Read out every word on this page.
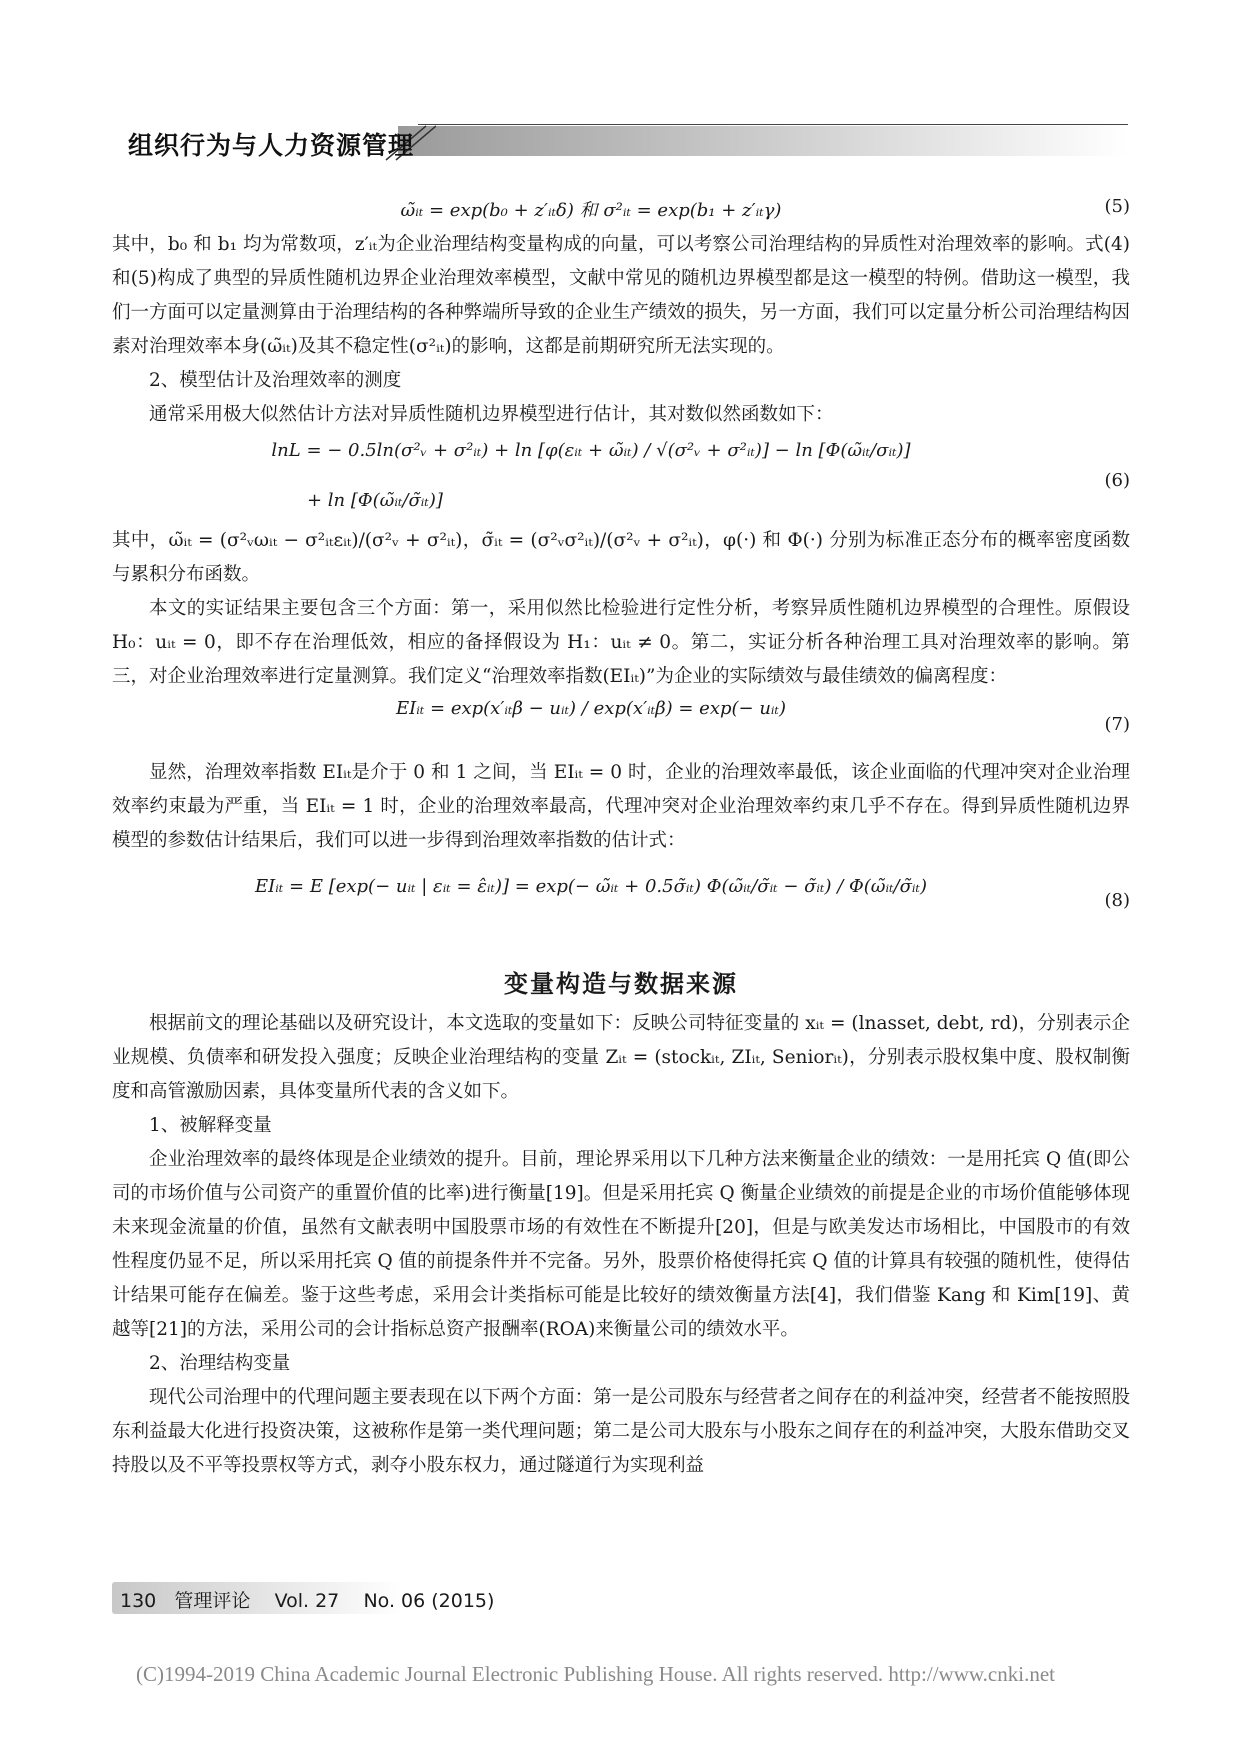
组织行为与人力资源管理
ω̃ᵢₜ = exp(b₀ + z′ᵢₜδ) 和 σ²ᵢₜ = exp(b₁ + z′ᵢₜγ)	(5)

其中，b₀ 和 b₁ 均为常数项，z′ᵢₜ为企业治理结构变量构成的向量，可以考察公司治理结构的异质性对治理效率的影响。式(4)和(5)构成了典型的异质性随机边界企业治理效率模型，文献中常见的随机边界模型都是这一模型的特例。借助这一模型，我们一方面可以定量测算由于治理结构的各种弊端所导致的企业生产绩效的损失，另一方面，我们可以定量分析公司治理结构因素对治理效率本身(ω̃ᵢₜ)及其不稳定性(σ²ᵢₜ)的影响，这都是前期研究所无法实现的。

2、模型估计及治理效率的测度

通常采用极大似然估计方法对异质性随机边界模型进行估计，其对数似然函数如下：

lnL = − 0.5ln(σ²ᵥ + σ²ᵢₜ) + ln [φ(εᵢₜ + ω̃ᵢₜ) / √(σ²ᵥ + σ²ᵢₜ)] − ln [Φ(ω̃ᵢₜ/σᵢₜ)]
+ ln [Φ(ω̃ᵢₜ/σ̃ᵢₜ)]
(6)

其中，ω̃ᵢₜ = (σ²ᵥωᵢₜ − σ²ᵢₜεᵢₜ)/(σ²ᵥ + σ²ᵢₜ)，σ̃ᵢₜ = (σ²ᵥσ²ᵢₜ)/(σ²ᵥ + σ²ᵢₜ)，φ(·) 和 Φ(·) 分别为标准正态分布的概率密度函数与累积分布函数。

本文的实证结果主要包含三个方面：第一，采用似然比检验进行定性分析，考察异质性随机边界模型的合理性。原假设 H₀：uᵢₜ = 0，即不存在治理低效，相应的备择假设为 H₁：uᵢₜ ≠ 0。第二，实证分析各种治理工具对治理效率的影响。第三，对企业治理效率进行定量测算。我们定义“治理效率指数(EIᵢₜ)”为企业的实际绩效与最佳绩效的偏离程度：

EIᵢₜ = exp(x′ᵢₜβ − uᵢₜ) / exp(x′ᵢₜβ) = exp(− uᵢₜ)
(7)

显然，治理效率指数 EIᵢₜ是介于 0 和 1 之间，当 EIᵢₜ = 0 时，企业的治理效率最低，该企业面临的代理冲突对企业治理效率约束最为严重，当 EIᵢₜ = 1 时，企业的治理效率最高，代理冲突对企业治理效率约束几乎不存在。得到异质性随机边界模型的参数估计结果后，我们可以进一步得到治理效率指数的估计式：

EIᵢₜ = E [exp(− uᵢₜ | εᵢₜ = ε̂ᵢₜ)] = exp(− ω̃ᵢₜ + 0.5σ̃ᵢₜ) Φ(ω̃ᵢₜ/σ̃ᵢₜ − σ̃ᵢₜ) / Φ(ω̃ᵢₜ/σ̃ᵢₜ)
(8)
变量构造与数据来源

根据前文的理论基础以及研究设计，本文选取的变量如下：反映公司特征变量的 xᵢₜ = (lnasset, debt, rd)，分别表示企业规模、负债率和研发投入强度；反映企业治理结构的变量 Zᵢₜ = (stockᵢₜ, ZIᵢₜ, Seniorᵢₜ)，分别表示股权集中度、股权制衡度和高管激励因素，具体变量所代表的含义如下。

1、被解释变量

企业治理效率的最终体现是企业绩效的提升。目前，理论界采用以下几种方法来衡量企业的绩效：一是用托宾 Q 值(即公司的市场价值与公司资产的重置价值的比率)进行衡量[19]。但是采用托宾 Q 衡量企业绩效的前提是企业的市场价值能够体现未来现金流量的价值，虽然有文献表明中国股票市场的有效性在不断提升[20]，但是与欧美发达市场相比，中国股市的有效性程度仍显不足，所以采用托宾 Q 值的前提条件并不完备。另外，股票价格使得托宾 Q 值的计算具有较强的随机性，使得估计结果可能存在偏差。鉴于这些考虑，采用会计类指标可能是比较好的绩效衡量方法[4]，我们借鉴 Kang 和 Kim[19]、黄越等[21]的方法，采用公司的会计指标总资产报酬率(ROA)来衡量公司的绩效水平。

2、治理结构变量

现代公司治理中的代理问题主要表现在以下两个方面：第一是公司股东与经营者之间存在的利益冲突，经营者不能按照股东利益最大化进行投资决策，这被称作是第一类代理问题；第二是公司大股东与小股东之间存在的利益冲突，大股东借助交叉持股以及不平等投票权等方式，剥夺小股东权力，通过隧道行为实现利益

130 管理评论 Vol. 27 No. 06 (2015)
(C)1994-2019 China Academic Journal Electronic Publishing House. All rights reserved. http://www.cnki.net
